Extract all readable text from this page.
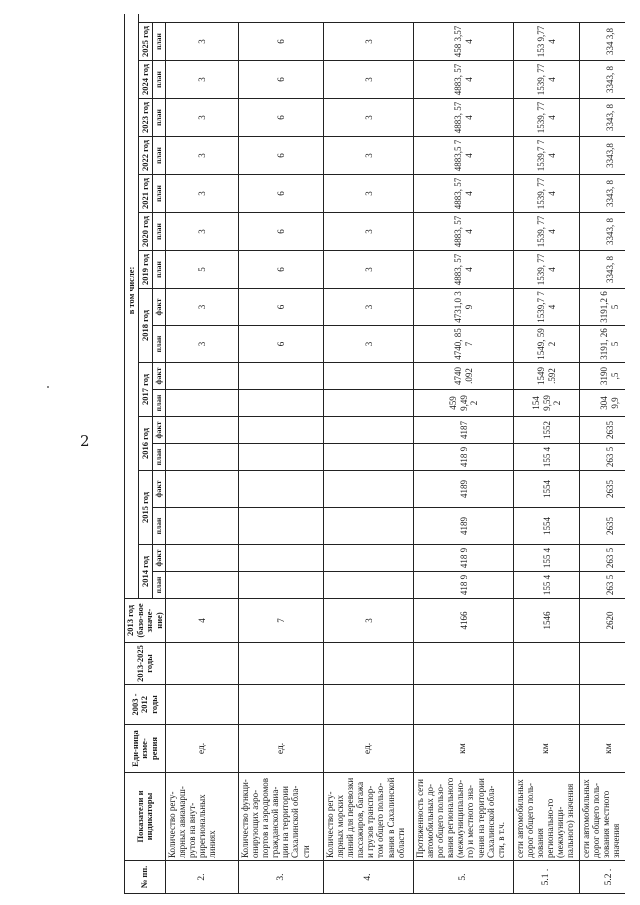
2
№ пп.	Показатели и индикаторы	Еди-ница изме-рения	2003 - 2012 годы	2013-2025 годы	2013 год (базо-вое значе-ние)	в том числе:																
						2014 год		2015 год		2016 год		2017 год		2018 год		2019 год	2020 год	2021 год	2022 год	2023 год	2024 год	2025 год
						план	факт	план	факт	план	факт	план	факт	план	факт	план	план	план	план	план	план	план
2.	Количество регу-лярных авиамарш-рутов на внут-рирегиональных линиях	ед.			4									3	3	5	3	3	3	3	3	3
3.	Количество функци-онирующих аэро-портов и аэродромов гражданской авиа-ции на территории Сахалинской обла-сти	ед.			7									6	6	6	6	6	6	6	6	6
4.	Количество регу-лярных морских линий для перевозки пассажиров, багажа и грузов транспор-том общего пользо-вания в Сахалинской области	ед.			3									3	3	3	3	3	3	3	3	3
5.	Протяженность сети автомобильных до-рог общего пользо-вания регионального (межмуниципально-го) и местного зна-чения на территории Сахалинской обла-сти, в т.ч.	км			4166	418 9	418 9	4189	4189	418 9	4187	459 9,49 2	4740 .092	4740, 857	4731,0 39	4883, 574	4883, 574	4883, 574	4883,5 74	4883, 574	4883, 574	458 3,57 4
5.1 .	сети автомобильных дорог общего поль-зования регионально-го (межмуници-пального) значения	км			1546	155 4	155 4	1554	1554	155 4	1552	154 9,59 2	1549 .592	1549, 592	1539,7 74	1539, 774	1539, 774	1539, 774	1539,7 74	1539, 774	1539, 774	153 9,77 4
5.2 .	сети автомобильных дорог общего поль-зования местного значения	км			2620	263 5	263 5	2635	2635	263 5	2635	304 9,9	3190 ,5	3191, 265	3191,2 65	3343, 8	3343, 8	3343, 8	3343,8	3343, 8	3343, 8	334 3,8
